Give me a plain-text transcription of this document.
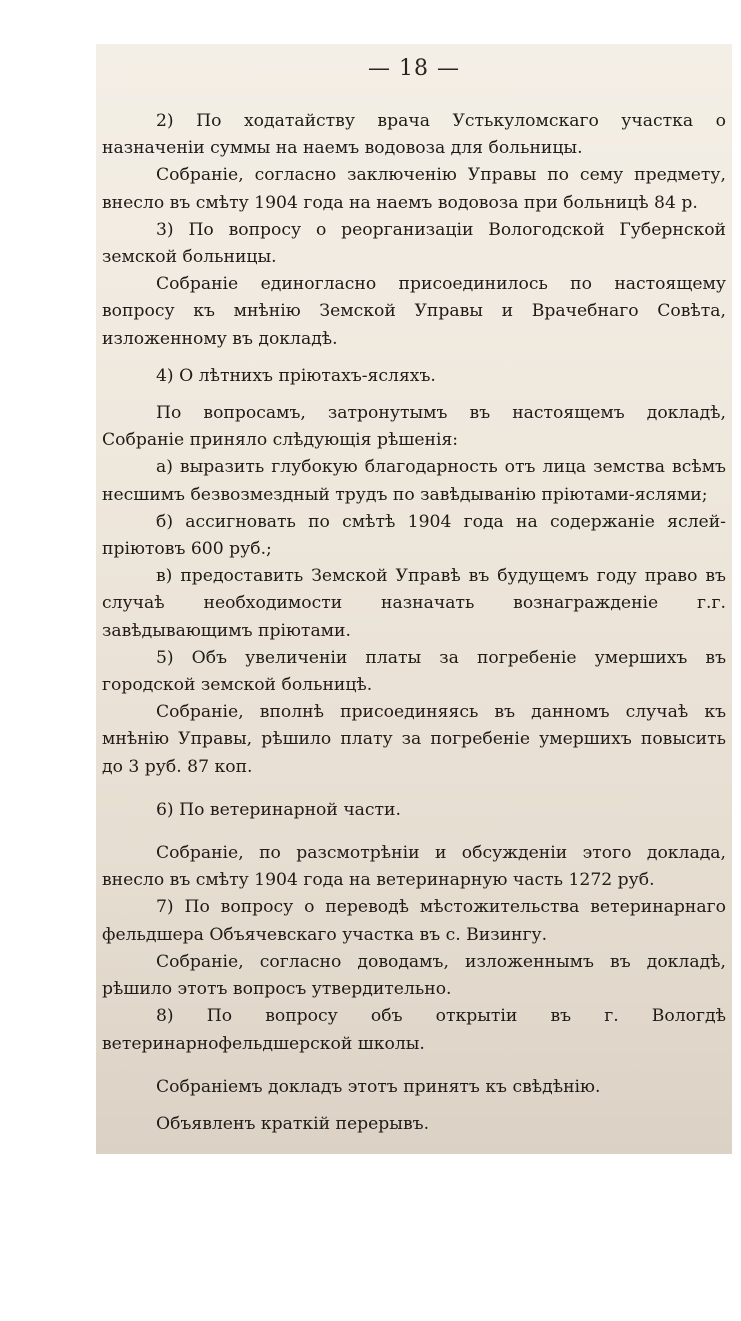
— 18 —

2) По ходатайству врача Устькуломскаго участка о назначеніи суммы на наемъ водовоза для больницы.

Собраніе, согласно заключенію Управы по сему предмету, внесло въ смѣту 1904 года на наемъ водовоза при больницѣ 84 р.

3) По вопросу о реорганизаціи Вологодской Губернской земской больницы.

Собраніе единогласно присоединилось по настоящему вопросу къ мнѣнію Земской Управы и Врачебнаго Совѣта, изложенному въ докладѣ.

4) О лѣтнихъ пріютахъ-ясляхъ.

По вопросамъ, затронутымъ въ настоящемъ докладѣ, Собраніе приняло слѣдующія рѣшенія:

а) выразить глубокую благодарность отъ лица земства всѣмъ несшимъ безвозмездный трудъ по завѣдыванію пріютами-яслями;

б) ассигновать по смѣтѣ 1904 года на содержаніе яслей-пріютовъ 600 руб.;

в) предоставить Земской Управѣ въ будущемъ году право въ случаѣ необходимости назначать вознагражденіе г.г. завѣдывающимъ пріютами.

5) Объ увеличеніи платы за погребеніе умершихъ въ городской земской больницѣ.

Собраніе, вполнѣ присоединяясь въ данномъ случаѣ къ мнѣнію Управы, рѣшило плату за погребеніе умершихъ повысить до 3 руб. 87 коп.

6) По ветеринарной части.

Собраніе, по разсмотрѣніи и обсужденіи этого доклада, внесло въ смѣту 1904 года на ветеринарную часть 1272 руб.

7) По вопросу о переводѣ мѣстожительства ветеринарнаго фельдшера Объячевскаго участка въ с. Визингу.

Собраніе, согласно доводамъ, изложеннымъ въ докладѣ, рѣшило этотъ вопросъ утвердительно.

8) По вопросу объ открытіи въ г. Вологдѣ ветеринарнофельдшерской школы.

Собраніемъ докладъ этотъ принятъ къ свѣдѣнію.

Объявленъ краткій перерывъ.
